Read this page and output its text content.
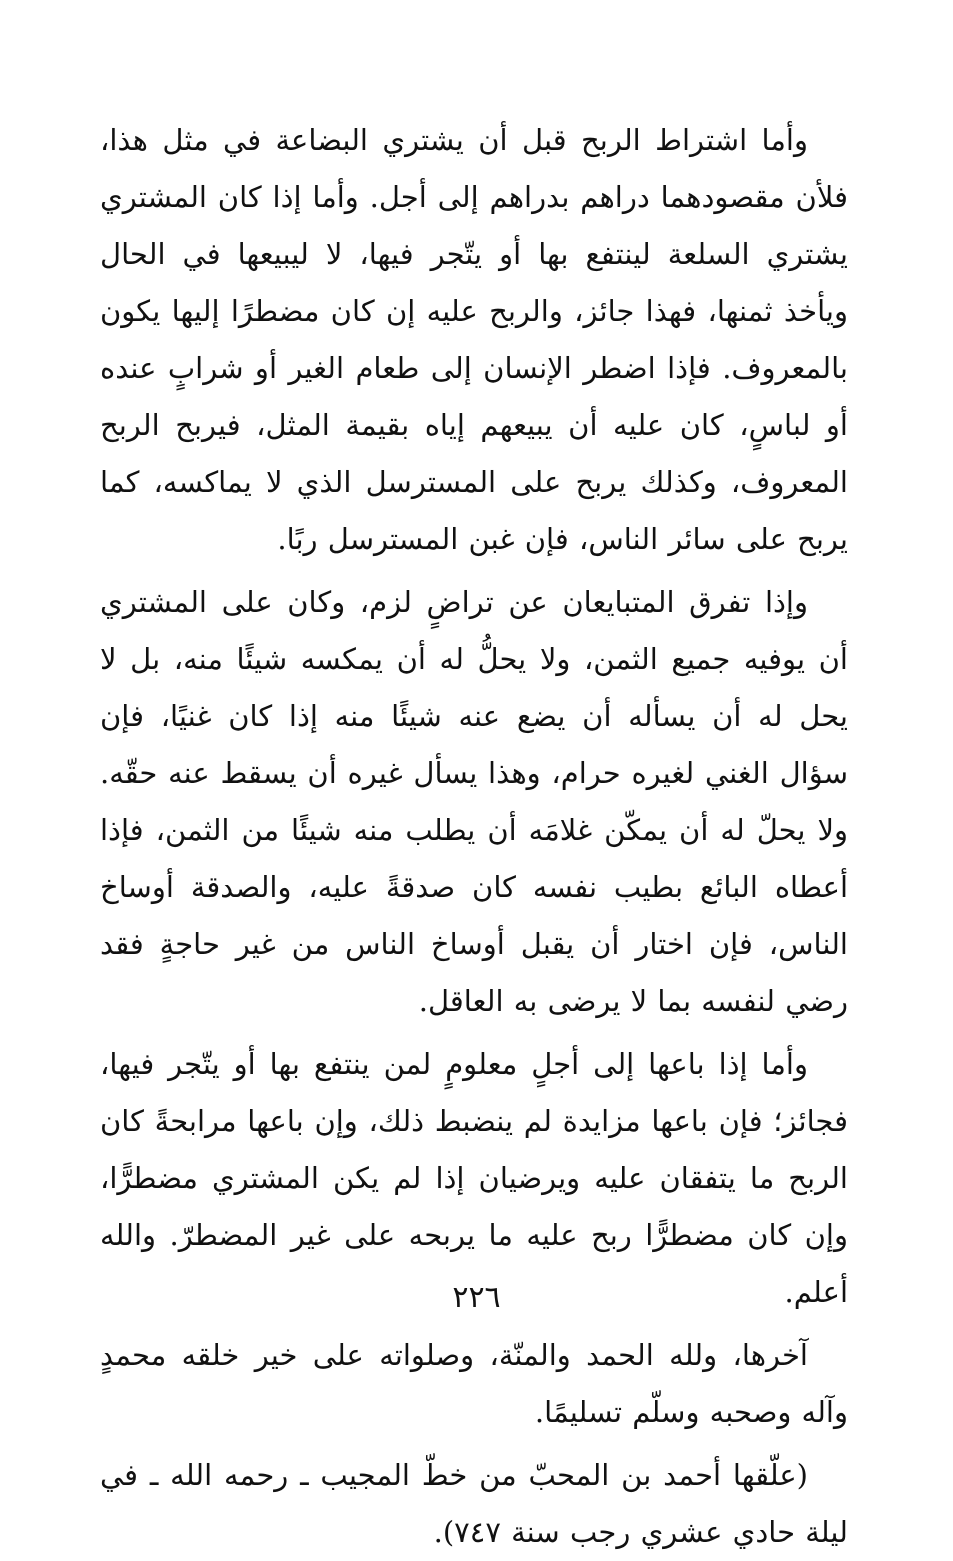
وأما اشتراط الربح قبل أن يشتري البضاعة في مثل هذا، فلأن مقصودهما دراهم بدراهم إلى أجل. وأما إذا كان المشتري يشتري السلعة لينتفع بها أو يتّجر فيها، لا ليبيعها في الحال ويأخذ ثمنها، فهذا جائز، والربح عليه إن كان مضطرًا إليها يكون بالمعروف. فإذا اضطر الإنسان إلى طعام الغير أو شرابٍ عنده أو لباسٍ، كان عليه أن يبيعهم إياه بقيمة المثل، فيربح الربح المعروف، وكذلك يربح على المسترسل الذي لا يماكسه، كما يربح على سائر الناس، فإن غبن المسترسل ربًا.

وإذا تفرق المتبايعان عن تراضٍ لزم، وكان على المشتري أن يوفيه جميع الثمن، ولا يحلُّ له أن يمكسه شيئًا منه، بل لا يحل له أن يسأله أن يضع عنه شيئًا منه إذا كان غنيًا، فإن سؤال الغني لغيره حرام، وهذا يسأل غيره أن يسقط عنه حقّه. ولا يحلّ له أن يمكّن غلامَه أن يطلب منه شيئًا من الثمن، فإذا أعطاه البائع بطيب نفسه كان صدقةً عليه، والصدقة أوساخ الناس، فإن اختار أن يقبل أوساخ الناس من غير حاجةٍ فقد رضي لنفسه بما لا يرضى به العاقل.

وأما إذا باعها إلى أجلٍ معلومٍ لمن ينتفع بها أو يتّجر فيها، فجائز؛ فإن باعها مزايدة لم ينضبط ذلك، وإن باعها مرابحةً كان الربح ما يتفقان عليه ويرضيان إذا لم يكن المشتري مضطرًّا، وإن كان مضطرًّا ربح عليه ما يربحه على غير المضطرّ. والله أعلم.

آخرها، ولله الحمد والمنّة، وصلواته على خير خلقه محمدٍ وآله وصحبه وسلّم تسليمًا.

(علّقها أحمد بن المحبّ من خطّ المجيب ـ رحمه الله ـ في ليلة حادي عشري رجب سنة ٧٤٧).

٢٢٦
